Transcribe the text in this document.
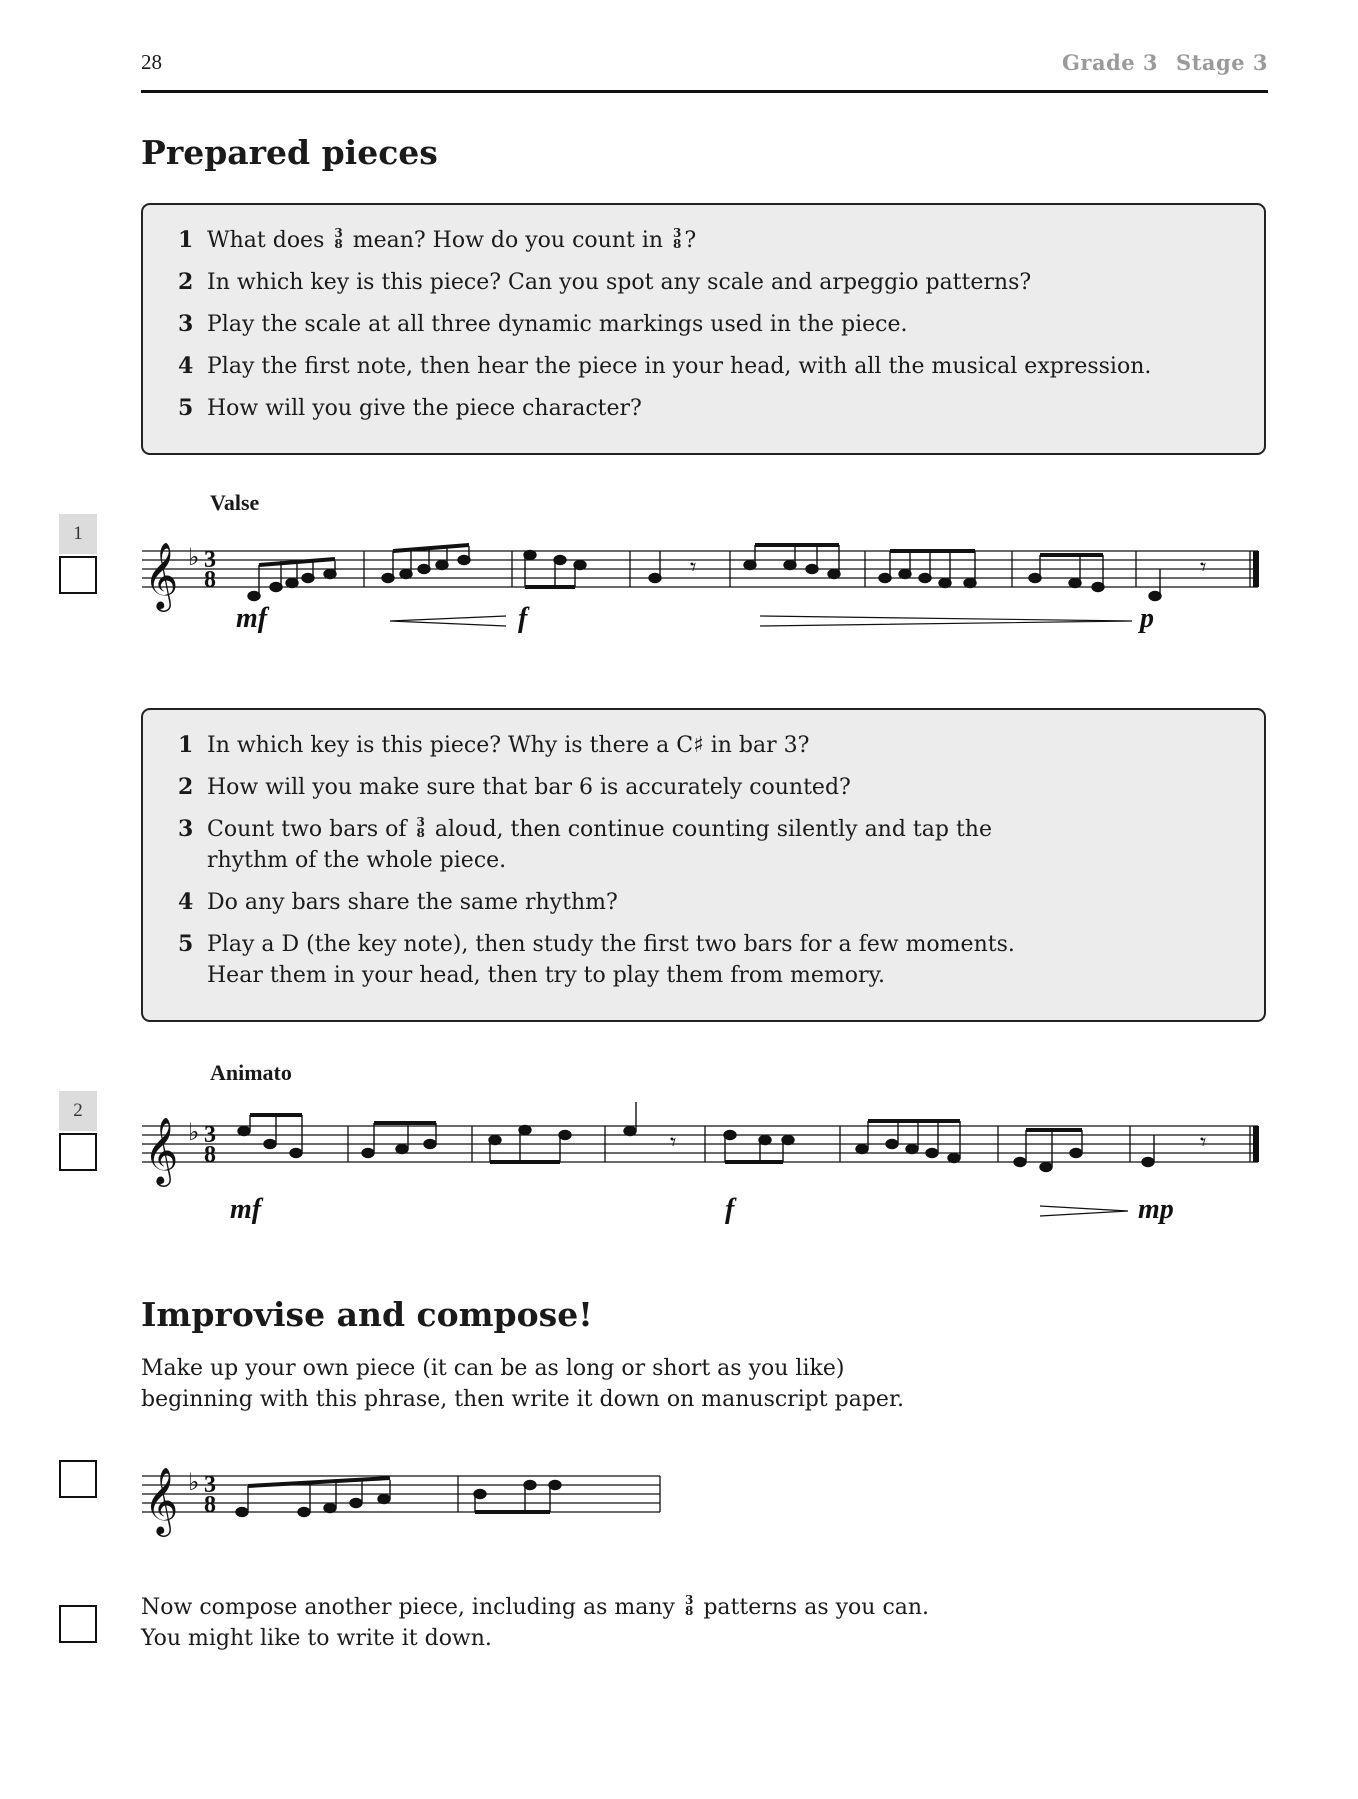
28	Grade 3 Stage 3
Prepared pieces
1 What does 3
8 mean? How do you count in 3
8 ?
2 In which key is this piece? Can you spot any scale and arpeggio patterns?
3 Play the scale at all three dynamic markings used in the piece.
4 Play the first note, then hear the piece in your head, with all the musical expression.
5 How will you give the piece character?
1
Valse
𝄞 ♭ 3
8	𝄾	𝄾
mf	f	p
1 In which key is this piece? Why is there a C♯ in bar 3?
2 How will you make sure that bar 6 is accurately counted?
3 Count two bars of 3
8 aloud, then continue counting silently and tap the
rhythm of the whole piece.
4 Do any bars share the same rhythm?
5 Play a D (the key note), then study the first two bars for a few moments.
Hear them in your head, then try to play them from memory.
2
Animato
𝄞 ♭ 3
8	𝄾	𝄾
mf	f	mp
Improvise and compose!
Make up your own piece (it can be as long or short as you like)
beginning with this phrase, then write it down on manuscript paper.
𝄞 ♭ 3
8
Now compose another piece, including as many 3
8 patterns as you can.
You might like to write it down.
